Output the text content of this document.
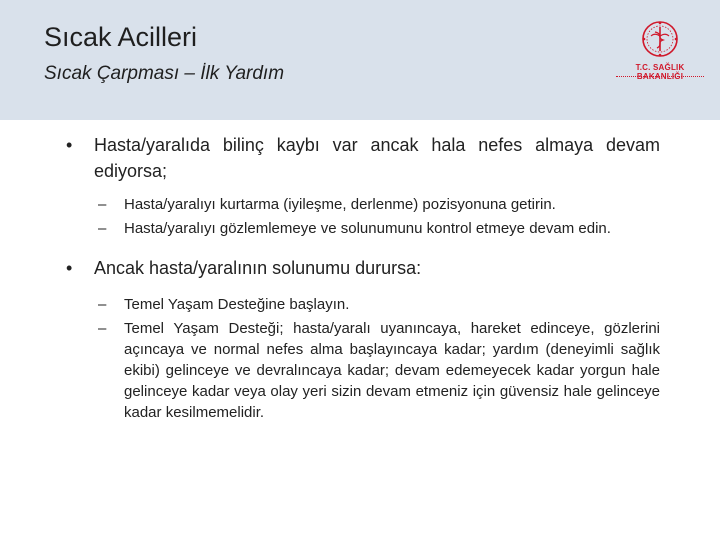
Sıcak Acilleri
Sıcak Çarpması – İlk Yardım	T.C. SAĞLIK BAKANLIĞI
• Hasta/yaralıda bilinç kaybı var ancak hala nefes almaya devam ediyorsa;
– Hasta/yaralıyı kurtarma (iyileşme, derlenme) pozisyonuna getirin.
– Hasta/yaralıyı gözlemlemeye ve solunumunu kontrol etmeye devam edin.
• Ancak hasta/yaralının solunumu durursa:
– Temel Yaşam Desteğine başlayın.
– Temel Yaşam Desteği; hasta/yaralı uyanıncaya, hareket edinceye, gözlerini açıncaya ve normal nefes alma başlayıncaya kadar; yardım (deneyimli sağlık ekibi) gelinceye ve devralıncaya kadar; devam edemeyecek kadar yorgun hale gelinceye kadar veya olay yeri sizin devam etmeniz için güvensiz hale gelinceye kadar kesilmemelidir.
